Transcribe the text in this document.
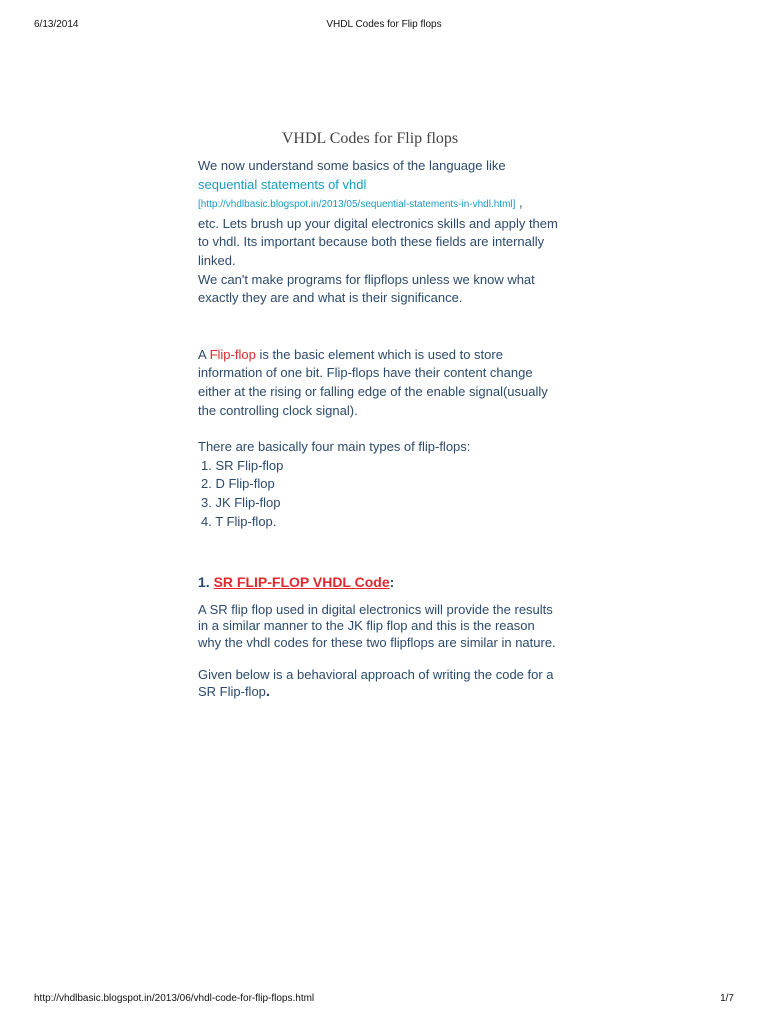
6/13/2014	VHDL Codes for Flip flops
VHDL Codes for Flip flops

We now understand some basics of the language like
sequential statements of vhdl
[http://vhdlbasic.blogspot.in/2013/05/sequential-statements-in-vhdl.html] ,
etc. Lets brush up your digital electronics skills and apply them to vhdl. Its important because both these fields are internally linked.
We can't make programs for flipflops unless we know what exactly they are and what is their significance.

A Flip-flop is the basic element which is used to store information of one bit. Flip-flops have their content change either at the rising or falling edge of the enable signal(usually the controlling clock signal).

There are basically four main types of flip-flops:

1. SR Flip-flop
2. D Flip-flop
3. JK Flip-flop
4. T Flip-flop.

1. SR FLIP-FLOP VHDL Code:

A SR flip flop used in digital electronics will provide the results in a similar manner to the JK flip flop and this is the reason why the vhdl codes for these two flipflops are similar in nature.

Given below is a behavioral approach of writing the code for a SR Flip-flop.

http://vhdlbasic.blogspot.in/2013/06/vhdl-code-for-flip-flops.html	1/7
